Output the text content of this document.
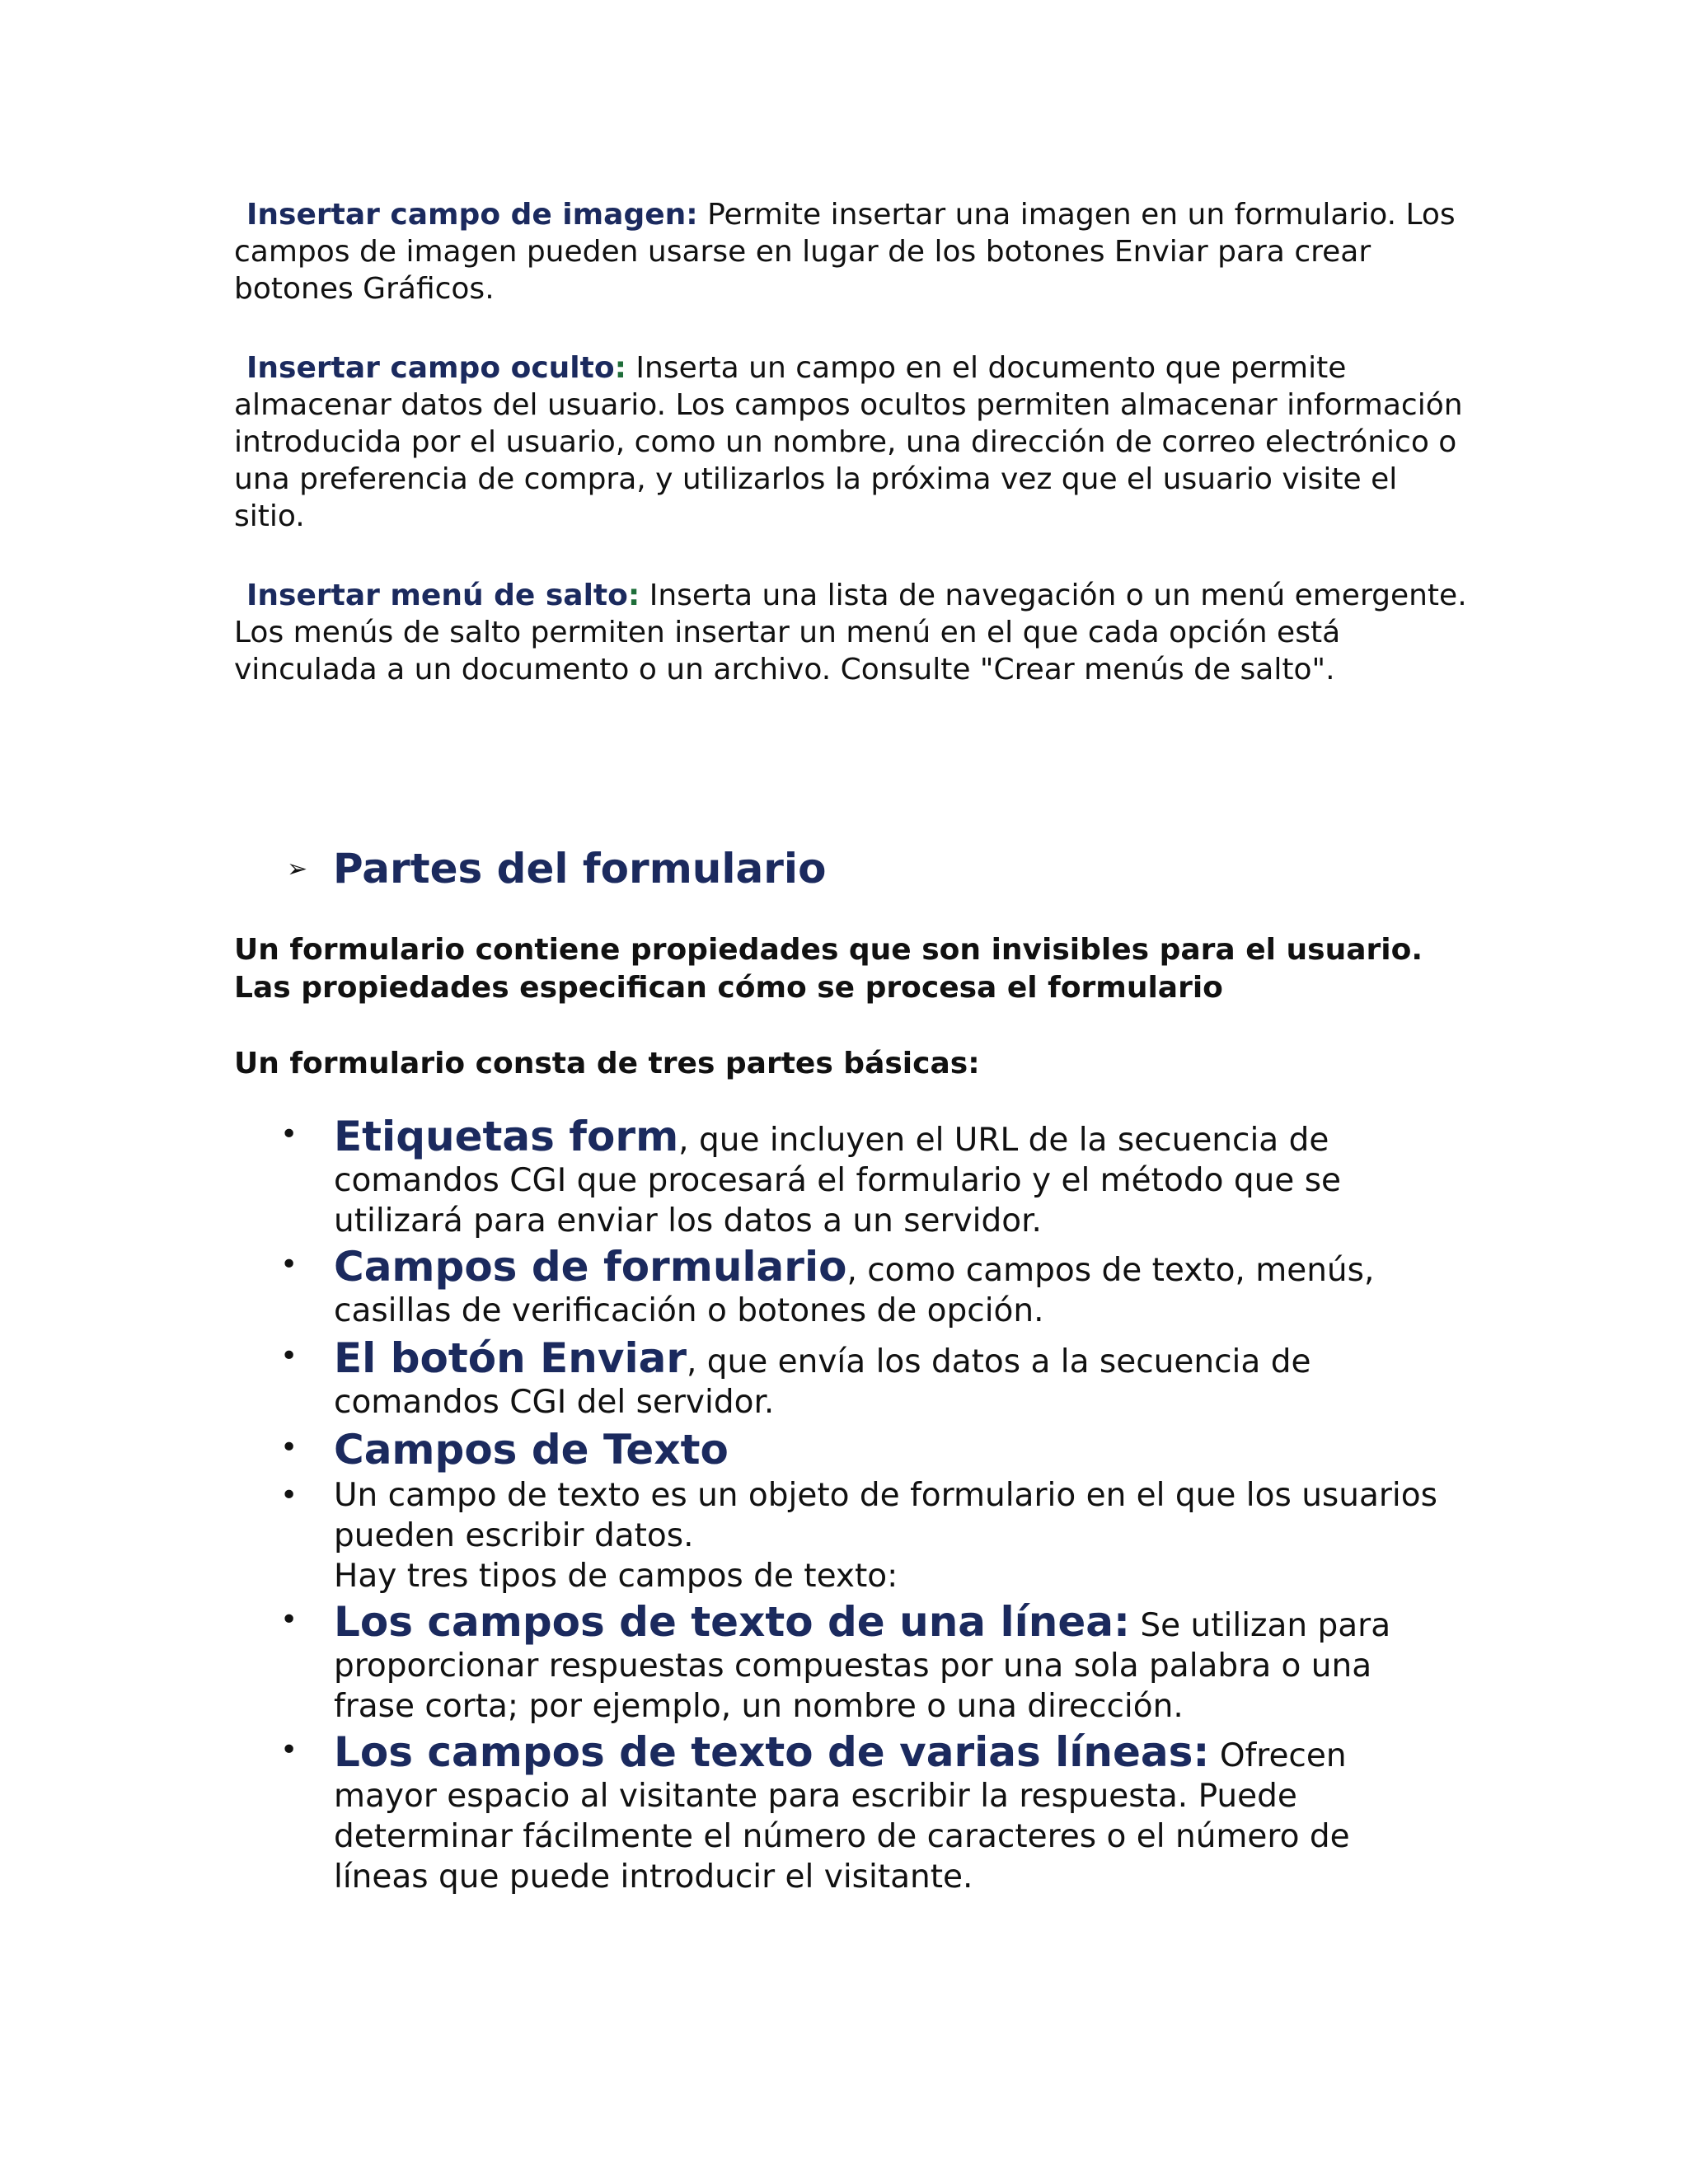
Insertar campo de imagen: Permite insertar una imagen en un formulario. Los campos de imagen pueden usarse en lugar de los botones Enviar para crear botones Gráficos.

Insertar campo oculto: Inserta un campo en el documento que permite almacenar datos del usuario. Los campos ocultos permiten almacenar información introducida por el usuario, como un nombre, una dirección de correo electrónico o una preferencia de compra, y utilizarlos la próxima vez que el usuario visite el sitio.

Insertar menú de salto: Inserta una lista de navegación o un menú emergente. Los menús de salto permiten insertar un menú en el que cada opción está vinculada a un documento o un archivo. Consulte "Crear menús de salto".

➢ Partes del formulario

Un formulario contiene propiedades que son invisibles para el usuario. Las propiedades especifican cómo se procesa el formulario

Un formulario consta de tres partes básicas:

• Etiquetas form, que incluyen el URL de la secuencia de comandos CGI que procesará el formulario y el método que se utilizará para enviar los datos a un servidor.
• Campos de formulario, como campos de texto, menús, casillas de verificación o botones de opción.
• El botón Enviar, que envía los datos a la secuencia de comandos CGI del servidor.
• Campos de Texto
• Un campo de texto es un objeto de formulario en el que los usuarios pueden escribir datos.
Hay tres tipos de campos de texto:
• Los campos de texto de una línea: Se utilizan para proporcionar respuestas compuestas por una sola palabra o una frase corta; por ejemplo, un nombre o una dirección.
• Los campos de texto de varias líneas: Ofrecen mayor espacio al visitante para escribir la respuesta. Puede determinar fácilmente el número de caracteres o el número de líneas que puede introducir el visitante.
